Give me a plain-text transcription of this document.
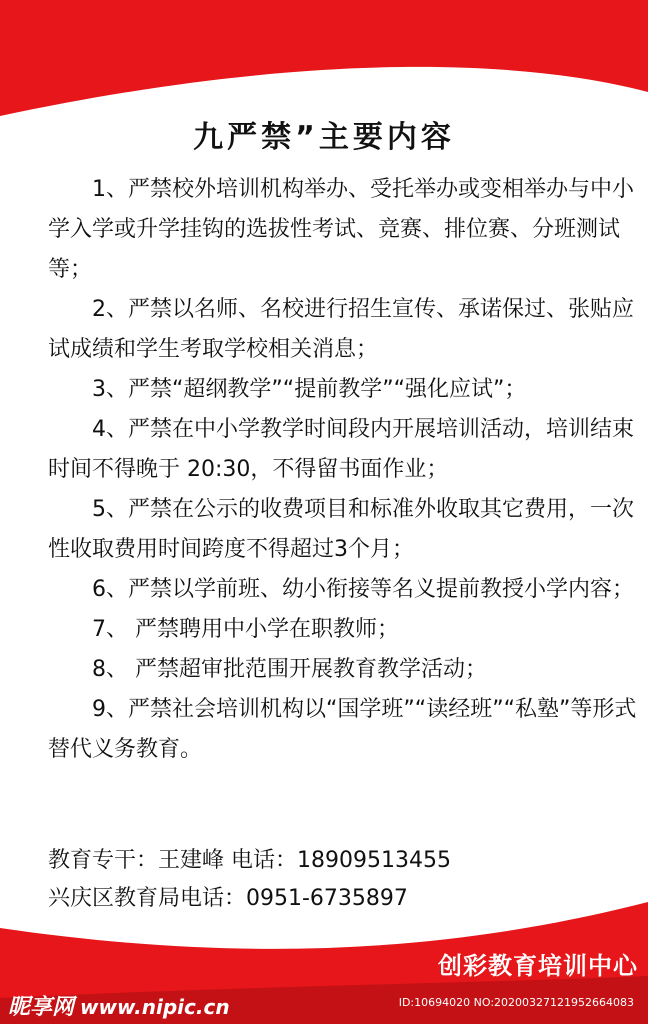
九严禁”主要内容

1、严禁校外培训机构举办、受托举办或变相举办与中小学入学或升学挂钩的选拔性考试、竞赛、排位赛、分班测试等；

2、严禁以名师、名校进行招生宣传、承诺保过、张贴应试成绩和学生考取学校相关消息；

3、严禁“超纲教学”“提前教学”“强化应试”；

4、严禁在中小学教学时间段内开展培训活动，培训结束时间不得晚于 20:30，不得留书面作业；

5、严禁在公示的收费项目和标准外收取其它费用，一次性收取费用时间跨度不得超过3个月；

6、严禁以学前班、幼小衔接等名义提前教授小学内容；

7、 严禁聘用中小学在职教师；

8、 严禁超审批范围开展教育教学活动；

9、严禁社会培训机构以“国学班”“读经班”“私塾”等形式替代义务教育。

教育专干：王建峰 电话：18909513455
兴庆区教育局电话：0951-6735897
创彩教育培训中心
昵享网 www.nipic.cn	ID:10694020 NO:20200327121952664083
